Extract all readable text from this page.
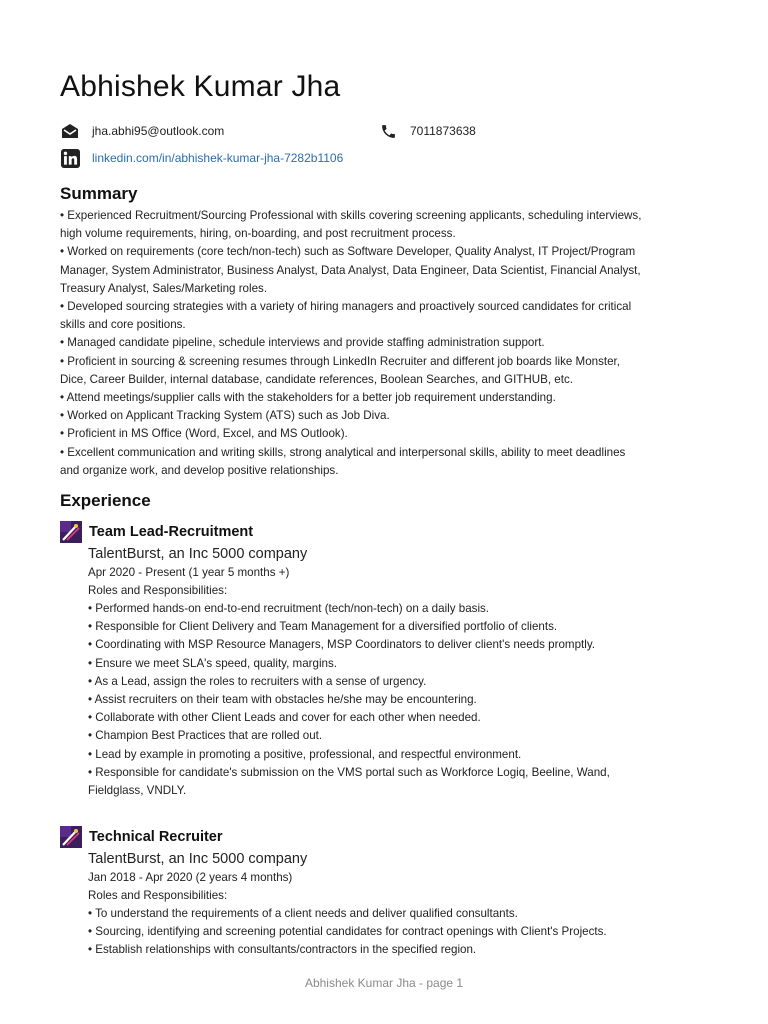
Abhishek Kumar Jha
jha.abhi95@outlook.com	7011873638
linkedin.com/in/abhishek-kumar-jha-7282b1106
Summary
• Experienced Recruitment/Sourcing Professional with skills covering screening applicants, scheduling interviews,
high volume requirements, hiring, on-boarding, and post recruitment process.
• Worked on requirements (core tech/non-tech) such as Software Developer, Quality Analyst, IT Project/Program
Manager, System Administrator, Business Analyst, Data Analyst, Data Engineer, Data Scientist, Financial Analyst,
Treasury Analyst, Sales/Marketing roles.
• Developed sourcing strategies with a variety of hiring managers and proactively sourced candidates for critical
skills and core positions.
• Managed candidate pipeline, schedule interviews and provide staffing administration support.
• Proficient in sourcing & screening resumes through LinkedIn Recruiter and different job boards like Monster,
Dice, Career Builder, internal database, candidate references, Boolean Searches, and GITHUB, etc.
• Attend meetings/supplier calls with the stakeholders for a better job requirement understanding.
• Worked on Applicant Tracking System (ATS) such as Job Diva.
• Proficient in MS Office (Word, Excel, and MS Outlook).
• Excellent communication and writing skills, strong analytical and interpersonal skills, ability to meet deadlines
and organize work, and develop positive relationships.
Experience
Team Lead-Recruitment
TalentBurst, an Inc 5000 company
Apr 2020 - Present (1 year 5 months +)
Roles and Responsibilities:
• Performed hands-on end-to-end recruitment (tech/non-tech) on a daily basis.
• Responsible for Client Delivery and Team Management for a diversified portfolio of clients.
• Coordinating with MSP Resource Managers, MSP Coordinators to deliver client's needs promptly.
• Ensure we meet SLA's speed, quality, margins.
• As a Lead, assign the roles to recruiters with a sense of urgency.
• Assist recruiters on their team with obstacles he/she may be encountering.
• Collaborate with other Client Leads and cover for each other when needed.
• Champion Best Practices that are rolled out.
• Lead by example in promoting a positive, professional, and respectful environment.
• Responsible for candidate's submission on the VMS portal such as Workforce Logiq, Beeline, Wand,
Fieldglass, VNDLY.
Technical Recruiter
TalentBurst, an Inc 5000 company
Jan 2018 - Apr 2020 (2 years 4 months)
Roles and Responsibilities:
• To understand the requirements of a client needs and deliver qualified consultants.
• Sourcing, identifying and screening potential candidates for contract openings with Client's Projects.
• Establish relationships with consultants/contractors in the specified region.
Abhishek Kumar Jha - page 1
